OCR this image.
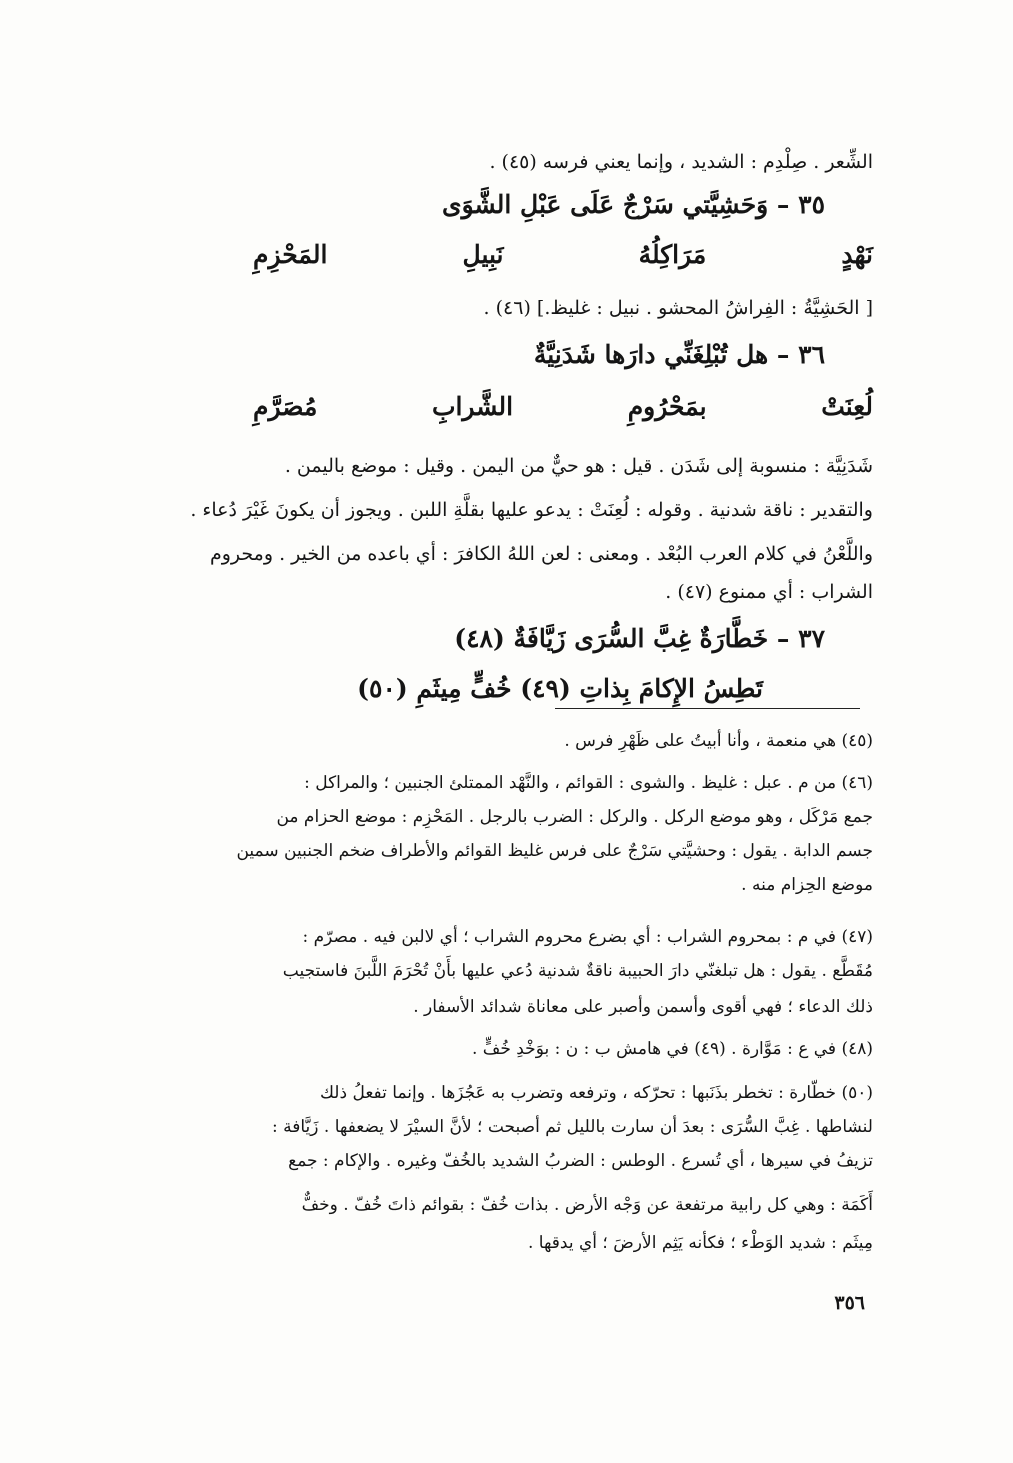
الشِّعر . صِلْدِم : الشديد ، وإنما يعني فرسه (٤٥) .
٣٥ – وَحَشِيَّتي سَرْجٌ عَلَى عَبْلِ الشَّوَى
نَهْدٍ
مَرَاكِلُهُ
نَبِيلِ
المَحْزِمِ
[ الحَشِيَّةُ : الفِراشُ المحشو . نبيل : غليظ.] (٤٦) .
٣٦ – هل تُبْلِغَنِّي دارَها شَدَنِيَّةٌ
لُعِنَتْ
بمَحْرُومِ
الشَّرابِ
مُصَرَّمِ
شَدَنِيَّة : منسوبة إلى شَدَن . قيل : هو حيٌّ من اليمن . وقيل : موضع باليمن .
والتقدير : ناقة شدنية . وقوله : لُعِنَتْ : يدعو عليها بقلَّةِ اللبن . ويجوز أن يكونَ غَيْرَ دُعاء .
واللَّعْنُ في كلام العرب البُعْد . ومعنى : لعن اللهُ الكافرَ : أي باعده من الخير . ومحروم
الشراب : أي ممنوع (٤٧) .
٣٧ – خَطَّارَةٌ غِبَّ السُّرَى زَيَّافَةٌ (٤٨)
تَطِسُ الإِكامَ بِذاتِ (٤٩) خُفٍّ مِيثَمِ (٥٠)
(٤٥) هي منعمة ، وأنا أبيتُ على ظَهْرِ فرس .
(٤٦) من م . عبل : غليظ . والشوى : القوائم ، والنَّهْد الممتلئ الجنبين ؛ والمراكل :
جمع مَرْكَل ، وهو موضع الركل . والركل : الضرب بالرجل . المَحْزِم : موضع الحزام من
جسم الدابة . يقول : وحشيَّتي سَرْجٌ على فرس غليظ القوائم والأطراف ضخم الجنبين سمين
موضع الحِزام منه .
(٤٧) في م : بمحروم الشراب : أي بضرع محروم الشراب ؛ أي لالبن فيه . مصرّم :
مُقَطَّع . يقول : هل تبلغنّي دارَ الحبيبة ناقةٌ شدنية دُعي عليها بأَنْ تُحْرَمَ اللَّبنَ فاستجيب
ذلك الدعاء ؛ فهي أقوى وأسمن وأصبر على معاناة شدائد الأسفار .
(٤٨) في ع : مَوَّارة . (٤٩) في هامش ب : ن : بوَخْدِ خُفٍّ .
(٥٠) خطّارة : تخطر بذَنَبها : تحرّكه ، وترفعه وتضرب به عَجُزَها . وإنما تفعلُ ذلك
لنشاطها . غِبَّ السُّرَى : بعدَ أن سارت بالليل ثم أصبحت ؛ لأنَّ السيْرَ لا يضعفها . زَيَّافة :
تزيفُ في سيرها ، أي تُسرع . الوطس : الضربُ الشديد بالخُفّ وغيره . والإكام : جمع
أَكَمَة : وهي كل رابية مرتفعة عن وَجْه الأرض . بذات خُفّ : بقوائم ذاتَ خُفّ . وخفٌّ
مِيثَم : شديد الوَطْء ؛ فكأنه يَثِم الأرضَ ؛ أي يدقها .
٣٥٦
